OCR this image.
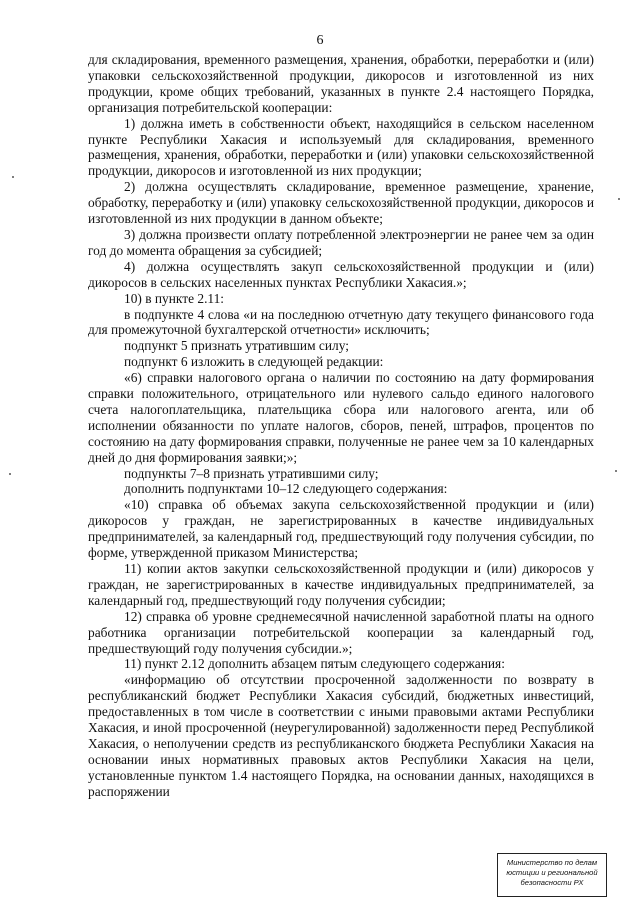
6

для складирования, временного размещения, хранения, обработки, переработки и (или) упаковки сельскохозяйственной продукции, дикоросов и изготовленной из них продукции, кроме общих требований, указанных в пункте 2.4 настоящего Порядка, организация потребительской кооперации:

1) должна иметь в собственности объект, находящийся в сельском населенном пункте Республики Хакасия и используемый для складирования, временного размещения, хранения, обработки, переработки и (или) упаковки сельскохозяйственной продукции, дикоросов и изготовленной из них продукции;

2) должна осуществлять складирование, временное размещение, хранение, обработку, переработку и (или) упаковку сельскохозяйственной продукции, дикоросов и изготовленной из них продукции в данном объекте;

3) должна произвести оплату потребленной электроэнергии не ранее чем за один год до момента обращения за субсидией;

4) должна осуществлять закуп сельскохозяйственной продукции и (или) дикоросов в сельских населенных пунктах Республики Хакасия.»;

10) в пункте 2.11:

в подпункте 4 слова «и на последнюю отчетную дату текущего финансового года для промежуточной бухгалтерской отчетности» исключить;

подпункт 5 признать утратившим силу;

подпункт 6 изложить в следующей редакции:

«6) справки налогового органа о наличии по состоянию на дату формирования справки положительного, отрицательного или нулевого сальдо единого налогового счета налогоплательщика, плательщика сбора или налогового агента, или об исполнении обязанности по уплате налогов, сборов, пеней, штрафов, процентов по состоянию на дату формирования справки, полученные не ранее чем за 10 календарных дней до дня формирования заявки;»;

подпункты 7–8 признать утратившими силу;

дополнить подпунктами 10–12 следующего содержания:

«10) справка об объемах закупа сельскохозяйственной продукции и (или) дикоросов у граждан, не зарегистрированных в качестве индивидуальных предпринимателей, за календарный год, предшествующий году получения субсидии, по форме, утвержденной приказом Министерства;

11) копии актов закупки сельскохозяйственной продукции и (или) дикоросов у граждан, не зарегистрированных в качестве индивидуальных предпринимателей, за календарный год, предшествующий году получения субсидии;

12) справка об уровне среднемесячной начисленной заработной платы на одного работника организации потребительской кооперации за календарный год, предшествующий году получения субсидии.»;

11) пункт 2.12 дополнить абзацем пятым следующего содержания:

«информацию об отсутствии просроченной задолженности по возврату в республиканский бюджет Республики Хакасия субсидий, бюджетных инвестиций, предоставленных в том числе в соответствии с иными правовыми актами Республики Хакасия, и иной просроченной (неурегулированной) задолженности перед Республикой Хакасия, о неполучении средств из республиканского бюджета Республики Хакасия на основании иных нормативных правовых актов Республики Хакасия на цели, установленные пунктом 1.4 настоящего Порядка, на основании данных, находящихся в распоряжении

Министерство по делам
юстиции и региональной
безопасности РХ
